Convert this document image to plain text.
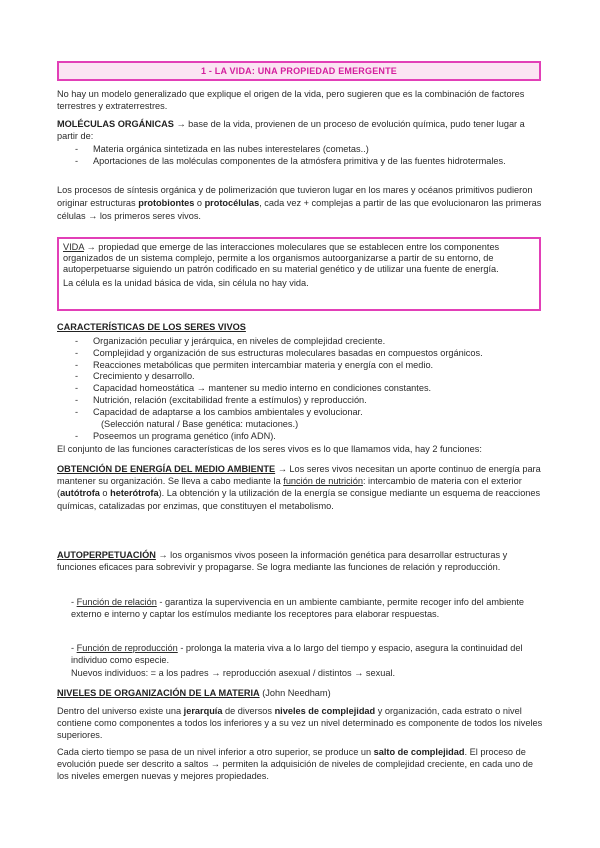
1 - LA VIDA: UNA PROPIEDAD EMERGENTE

No hay un modelo generalizado que explique el origen de la vida, pero sugieren que es la combinación de factores terrestres y extraterrestres.

MOLÉCULAS ORGÁNICAS → base de la vida, provienen de un proceso de evolución química, pudo tener lugar a partir de:

- Materia orgánica sintetizada en las nubes interestelares (cometas..)
- Aportaciones de las moléculas componentes de la atmósfera primitiva y de las fuentes hidrotermales.

Los procesos de síntesis orgánica y de polimerización que tuvieron lugar en los mares y océanos primitivos pudieron originar estructuras protobiontes o protocélulas, cada vez + complejas a partir de las que evolucionaron las primeras células → los primeros seres vivos.

VIDA → propiedad que emerge de las interacciones moleculares que se establecen entre los componentes organizados de un sistema complejo, permite a los organismos autoorganizarse a partir de su entorno, de autoperpetuarse siguiendo un patrón codificado en su material genético y de utilizar una fuente de energía.

La célula es la unidad básica de vida, sin célula no hay vida.

CARACTERÍSTICAS DE LOS SERES VIVOS

- Organización peculiar y jerárquica, en niveles de complejidad creciente.
- Complejidad y organización de sus estructuras moleculares basadas en compuestos orgánicos.
- Reacciones metabólicas que permiten intercambiar materia y energía con el medio.
- Crecimiento y desarrollo.
- Capacidad homeostática → mantener su medio interno en condiciones constantes.
- Nutrición, relación (excitabilidad frente a estímulos) y reproducción.
- Capacidad de adaptarse a los cambios ambientales y evolucionar.

(Selección natural / Base genética: mutaciones.)

- Poseemos un programa genético (info ADN).

El conjunto de las funciones características de los seres vivos es lo que llamamos vida, hay 2 funciones:

OBTENCIÓN DE ENERGÍA DEL MEDIO AMBIENTE → Los seres vivos necesitan un aporte continuo de energía para mantener su organización. Se lleva a cabo mediante la función de nutrición: intercambio de materia con el exterior (autótrofa o heterótrofa). La obtención y la utilización de la energía se consigue mediante un esquema de reacciones químicas, catalizadas por enzimas, que constituyen el metabolismo.

AUTOPERPETUACIÓN → los organismos vivos poseen la información genética para desarrollar estructuras y funciones eficaces para sobrevivir y propagarse. Se logra mediante las funciones de relación y reproducción.

- Función de relación - garantiza la supervivencia en un ambiente cambiante, permite recoger info del ambiente externo e interno y captar los estímulos mediante los receptores para elaborar respuestas.

- Función de reproducción - prolonga la materia viva a lo largo del tiempo y espacio, asegura la continuidad del individuo como especie.

Nuevos individuos: = a los padres → reproducción asexual / distintos → sexual.

NIVELES DE ORGANIZACIÓN DE LA MATERIA (John Needham)

Dentro del universo existe una jerarquía de diversos niveles de complejidad y organización, cada estrato o nivel contiene como componentes a todos los inferiores y a su vez un nivel determinado es componente de todos los niveles superiores.

Cada cierto tiempo se pasa de un nivel inferior a otro superior, se produce un salto de complejidad. El proceso de evolución puede ser descrito a saltos → permiten la adquisición de niveles de complejidad creciente, en cada uno de los niveles emergen nuevas y mejores propiedades.
